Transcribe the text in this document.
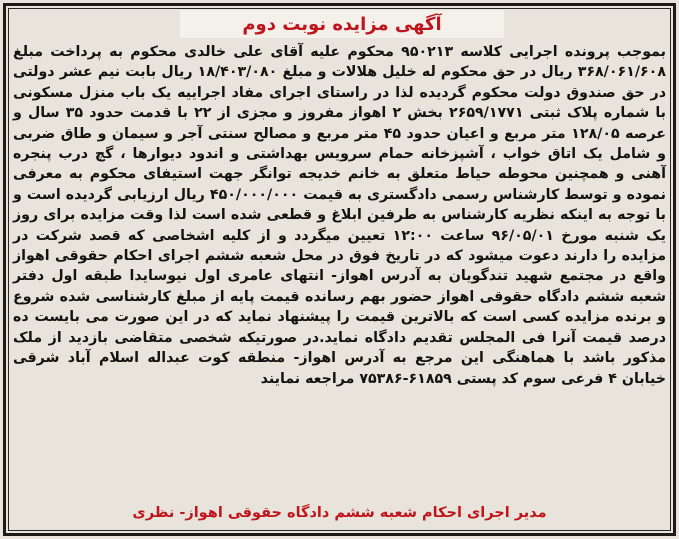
آگهی مزایده نوبت دوم

بموجب پرونده اجرایی کلاسه ۹۵۰۲۱۳ محکوم علیه آقای علی خالدی محکوم به پرداخت مبلغ ۳۶۸/۰۶۱/۶۰۸ ریال در حق محکوم له خلیل هلالات و مبلغ ۱۸/۴۰۳/۰۸۰ ریال بابت نیم عشر دولتی در حق صندوق دولت محکوم گردیده لذا در راستای اجرای مفاد اجراییه یک باب منزل مسکونی با شماره پلاک ثبتی ۲۶۵۹/۱۷۷۱ بخش ۲ اهواز مفروز و مجزی از ۲۲ با قدمت حدود ۳۵ سال و عرصه ۱۲۸/۰۵ متر مربع و اعیان حدود ۴۵ متر مربع و مصالح سنتی آجر و سیمان و طاق ضربی و شامل یک اتاق خواب ، آشپزخانه حمام سرویس بهداشتی و اندود دیوارها ، گچ درب پنجره آهنی و همچنین محوطه حیاط متعلق به خانم خدیجه توانگر جهت استیفای محکوم به معرفی نموده و توسط کارشناس رسمی دادگستری به قیمت ۴۵۰/۰۰۰/۰۰۰ ریال ارزیابی گردیده است و با توجه به اینکه نظریه کارشناس به طرفین ابلاغ و قطعی شده است لذا وقت مزایده برای روز یک شنبه مورخ ۹۶/۰۵/۰۱ ساعت ۱۲:۰۰ تعیین میگردد و از کلیه اشخاصی که قصد شرکت در مزایده را دارند دعوت میشود که در تاریخ فوق در محل شعبه ششم اجرای احکام حقوقی اهواز واقع در مجتمع شهید تندگویان به آدرس اهواز- انتهای عامری اول نیوسایدا طبقه اول دفتر شعبه ششم دادگاه حقوقی اهواز حضور بهم رسانده قیمت پایه از مبلغ کارشناسی شده شروع و برنده مزایده کسی است که بالاترین قیمت را پیشنهاد نماید که در این صورت می بایست ده درصد قیمت آنرا فی المجلس تقدیم دادگاه نماید.در صورتیکه شخصی متقاضی بازدید از ملک مذکور باشد با هماهنگی این مرجع به آدرس اهواز- منطقه کوت عبداله اسلام آباد شرقی خیابان ۴ فرعی سوم کد پستی ۶۱۸۵۹-۷۵۳۸۶ مراجعه نمایند

مدیر اجرای احکام شعبه ششم دادگاه حقوقی اهواز- نظری
